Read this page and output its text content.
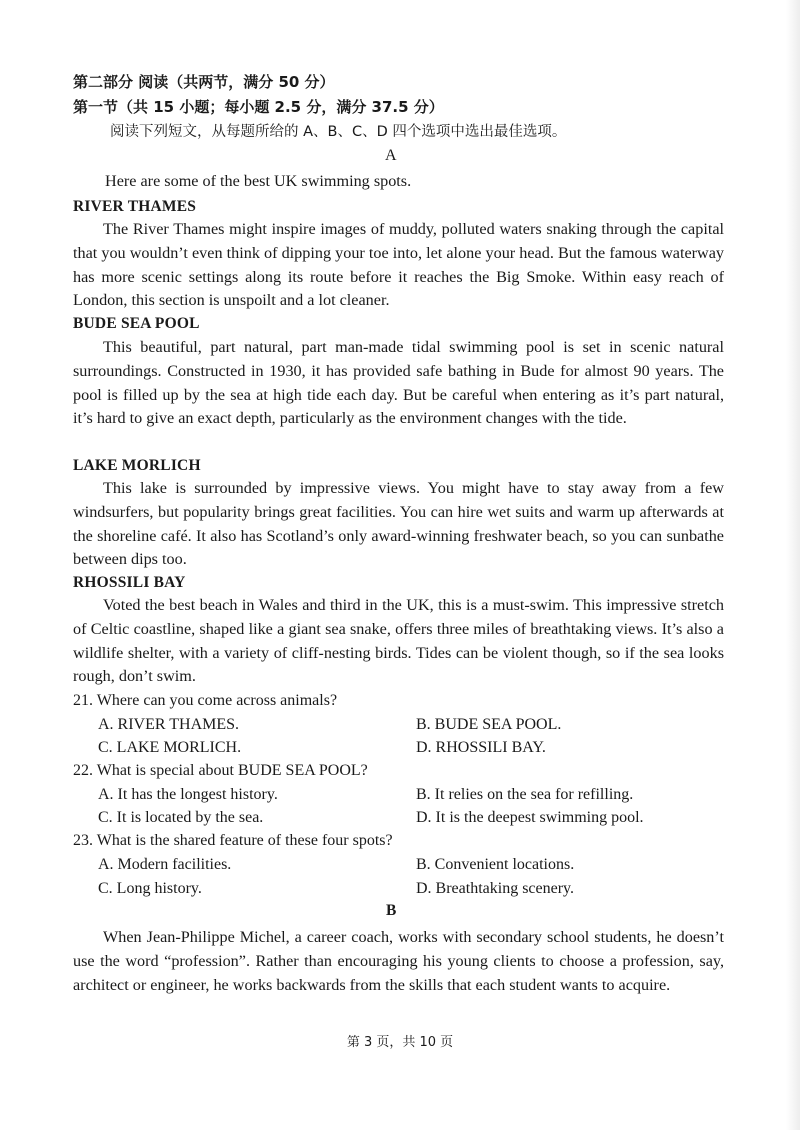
第二部分 阅读（共两节，满分 50 分）
第一节（共 15 小题；每小题 2.5 分，满分 37.5 分）
阅读下列短文，从每题所给的 A、B、C、D 四个选项中选出最佳选项。
A
Here are some of the best UK swimming spots.
RIVER THAMES
The River Thames might inspire images of muddy, polluted waters snaking through the capital that you wouldn’t even think of dipping your toe into, let alone your head. But the famous waterway has more scenic settings along its route before it reaches the Big Smoke. Within easy reach of London, this section is unspoilt and a lot cleaner.
BUDE SEA POOL
This beautiful, part natural, part man-made tidal swimming pool is set in scenic natural surroundings. Constructed in 1930, it has provided safe bathing in Bude for almost 90 years. The pool is filled up by the sea at high tide each day. But be careful when entering as it’s part natural, it’s hard to give an exact depth, particularly as the environment changes with the tide.
LAKE MORLICH
This lake is surrounded by impressive views. You might have to stay away from a few windsurfers, but popularity brings great facilities. You can hire wet suits and warm up afterwards at the shoreline café. It also has Scotland’s only award-winning freshwater beach, so you can sunbathe between dips too.
RHOSSILI BAY
Voted the best beach in Wales and third in the UK, this is a must-swim. This impressive stretch of Celtic coastline, shaped like a giant sea snake, offers three miles of breathtaking views. It’s also a wildlife shelter, with a variety of cliff-nesting birds. Tides can be violent though, so if the sea looks rough, don’t swim.
21. Where can you come across animals?
A. RIVER THAMES.	B. BUDE SEA POOL.
C. LAKE MORLICH.	D. RHOSSILI BAY.
22. What is special about BUDE SEA POOL?
A. It has the longest history.	B. It relies on the sea for refilling.
C. It is located by the sea.	D. It is the deepest swimming pool.
23. What is the shared feature of these four spots?
A. Modern facilities.	B. Convenient locations.
C. Long history.	D. Breathtaking scenery.
B
When Jean-Philippe Michel, a career coach, works with secondary school students, he doesn’t use the word “profession”. Rather than encouraging his young clients to choose a profession, say, architect or engineer, he works backwards from the skills that each student wants to acquire.
第 3 页，共 10 页
